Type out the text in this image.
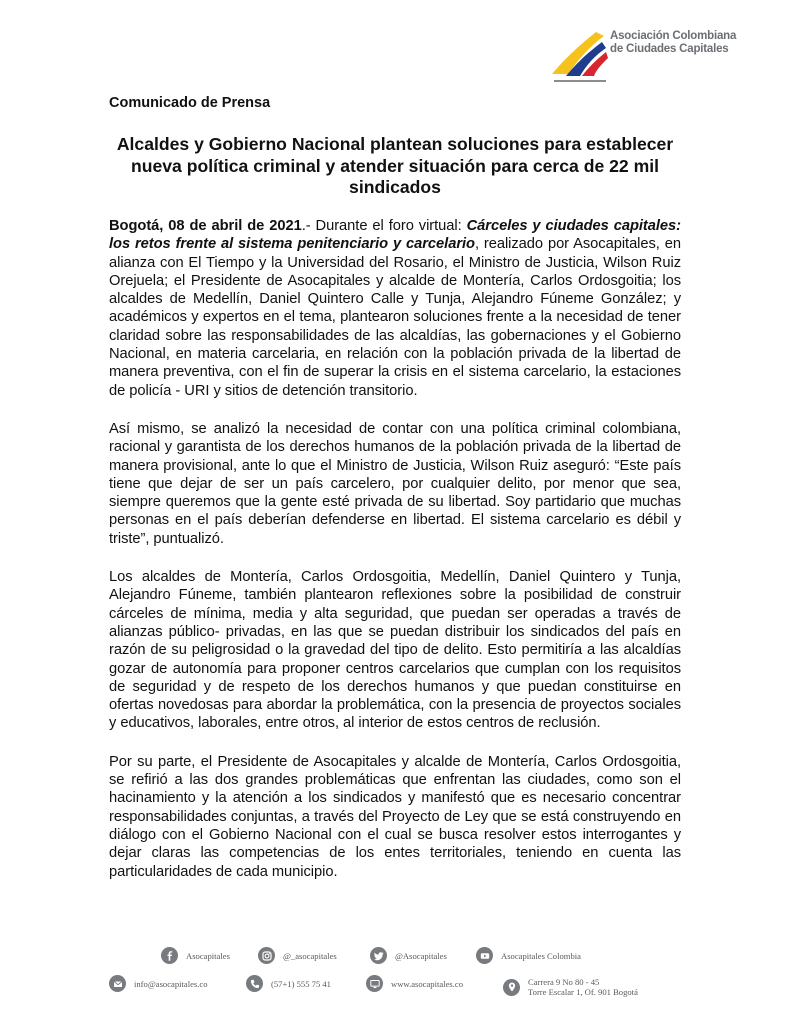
Asociación Colombiana
de Ciudades Capitales
Comunicado de Prensa
Alcaldes y Gobierno Nacional plantean soluciones para establecer nueva política criminal y atender situación para cerca de 22 mil sindicados

Bogotá, 08 de abril de 2021.- Durante el foro virtual: Cárceles y ciudades capitales: los retos frente al sistema penitenciario y carcelario, realizado por Asocapitales, en alianza con El Tiempo y la Universidad del Rosario, el Ministro de Justicia, Wilson Ruiz Orejuela; el Presidente de Asocapitales y alcalde de Montería, Carlos Ordosgoitia; los alcaldes de Medellín, Daniel Quintero Calle y Tunja, Alejandro Fúneme González; y académicos y expertos en el tema, plantearon soluciones frente a la necesidad de tener claridad sobre las responsabilidades de las alcaldías, las gobernaciones y el Gobierno Nacional, en materia carcelaria, en relación con la población privada de la libertad de manera preventiva, con el fin de superar la crisis en el sistema carcelario, la estaciones de policía - URI y sitios de detención transitorio.

Así mismo, se analizó la necesidad de contar con una política criminal colombiana, racional y garantista de los derechos humanos de la población privada de la libertad de manera provisional, ante lo que el Ministro de Justicia, Wilson Ruiz aseguró: “Este país tiene que dejar de ser un país carcelero, por cualquier delito, por menor que sea, siempre queremos que la gente esté privada de su libertad. Soy partidario que muchas personas en el país deberían defenderse en libertad. El sistema carcelario es débil y triste”, puntualizó.

Los alcaldes de Montería, Carlos Ordosgoitia, Medellín, Daniel Quintero y Tunja, Alejandro Fúneme, también plantearon reflexiones sobre la posibilidad de construir cárceles de mínima, media y alta seguridad, que puedan ser operadas a través de alianzas público- privadas, en las que se puedan distribuir los sindicados del país en razón de su peligrosidad o la gravedad del tipo de delito. Esto permitiría a las alcaldías gozar de autonomía para proponer centros carcelarios que cumplan con los requisitos de seguridad y de respeto de los derechos humanos y que puedan constituirse en ofertas novedosas para abordar la problemática, con la presencia de proyectos sociales y educativos, laborales, entre otros, al interior de estos centros de reclusión.

Por su parte, el Presidente de Asocapitales y alcalde de Montería, Carlos Ordosgoitia, se refirió a las dos grandes problemáticas que enfrentan las ciudades, como son el hacinamiento y la atención a los sindicados y manifestó que es necesario concentrar responsabilidades conjuntas, a través del Proyecto de Ley que se está construyendo en diálogo con el Gobierno Nacional con el cual se busca resolver estos interrogantes y dejar claras las competencias de los entes territoriales, teniendo en cuenta las particularidades de cada municipio.

Asocapitales	@_asocapitales	@Asocapitales	Asocapitales Colombia
info@asocapitales.co	(57+1) 555 75 41	www.asocapitales.co	Carrera 9 No 80 - 45
Torre Escalar 1, Of. 901 Bogotá
